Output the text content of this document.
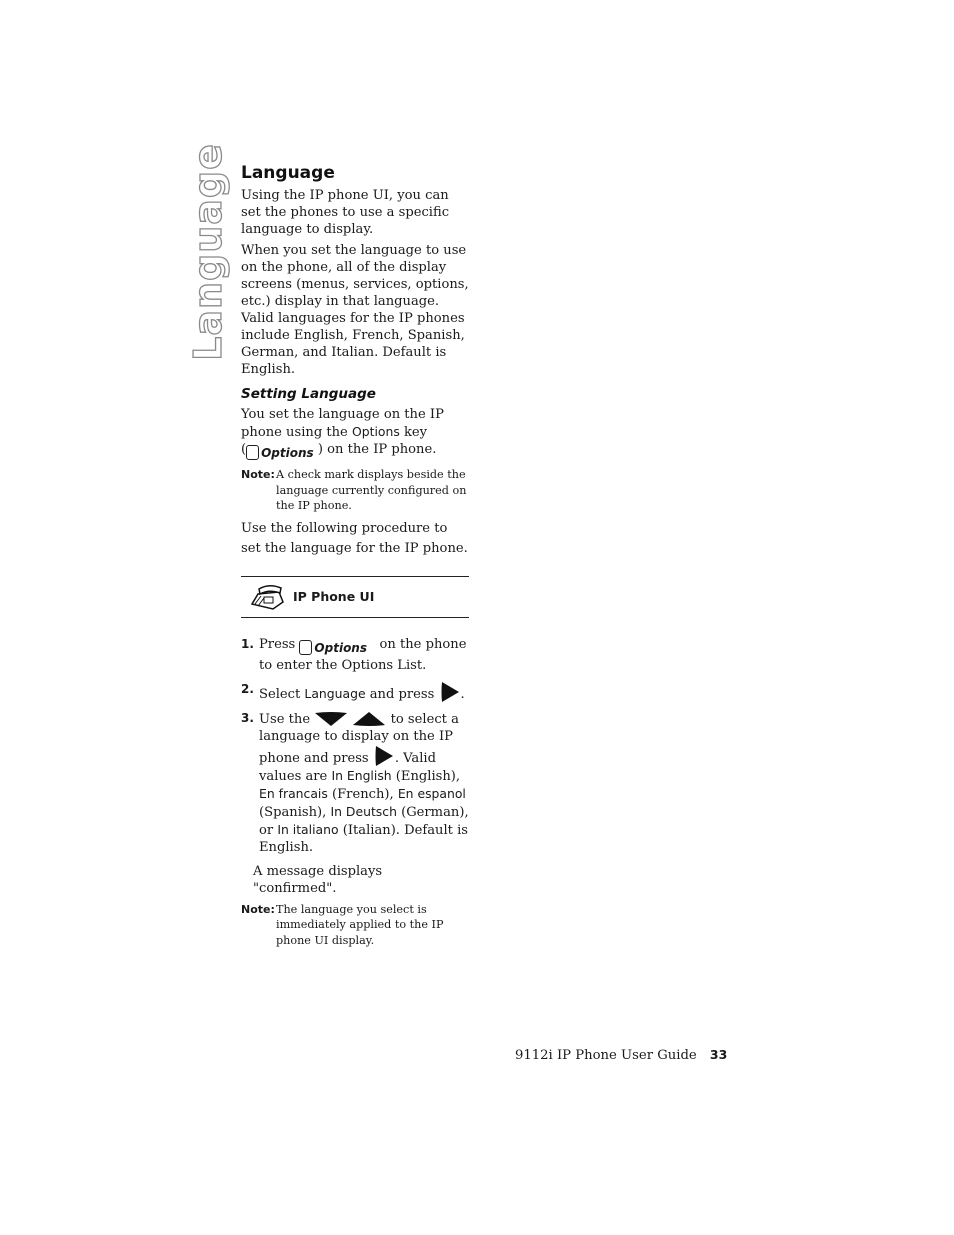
Language Language

Using the IP phone UI, you can set the phones to use a specific language to display.

When you set the language to use on the phone, all of the display screens (menus, services, options, etc.) display in that language. Valid languages for the IP phones include English, French, Spanish, German, and Italian. Default is English.

Setting Language

You set the language on the IP phone using the Options key
( Options ) on the IP phone.

Note: A check mark displays beside the language currently configured on the IP phone.

Use the following procedure to set the language for the IP phone.

IP Phone UI
1. Press Options   on the phone to enter the Options List.
2. Select Language and press .
3. Use the	to select a language to display on the IP phone and press . Valid values are In English (English), En francais (French), En espanol (Spanish), In Deutsch (German), or In italiano (Italian). Default is English.

A message displays "confirmed".

Note: The language you select is immediately applied to the IP phone UI display.
9112i IP Phone User Guide 33
